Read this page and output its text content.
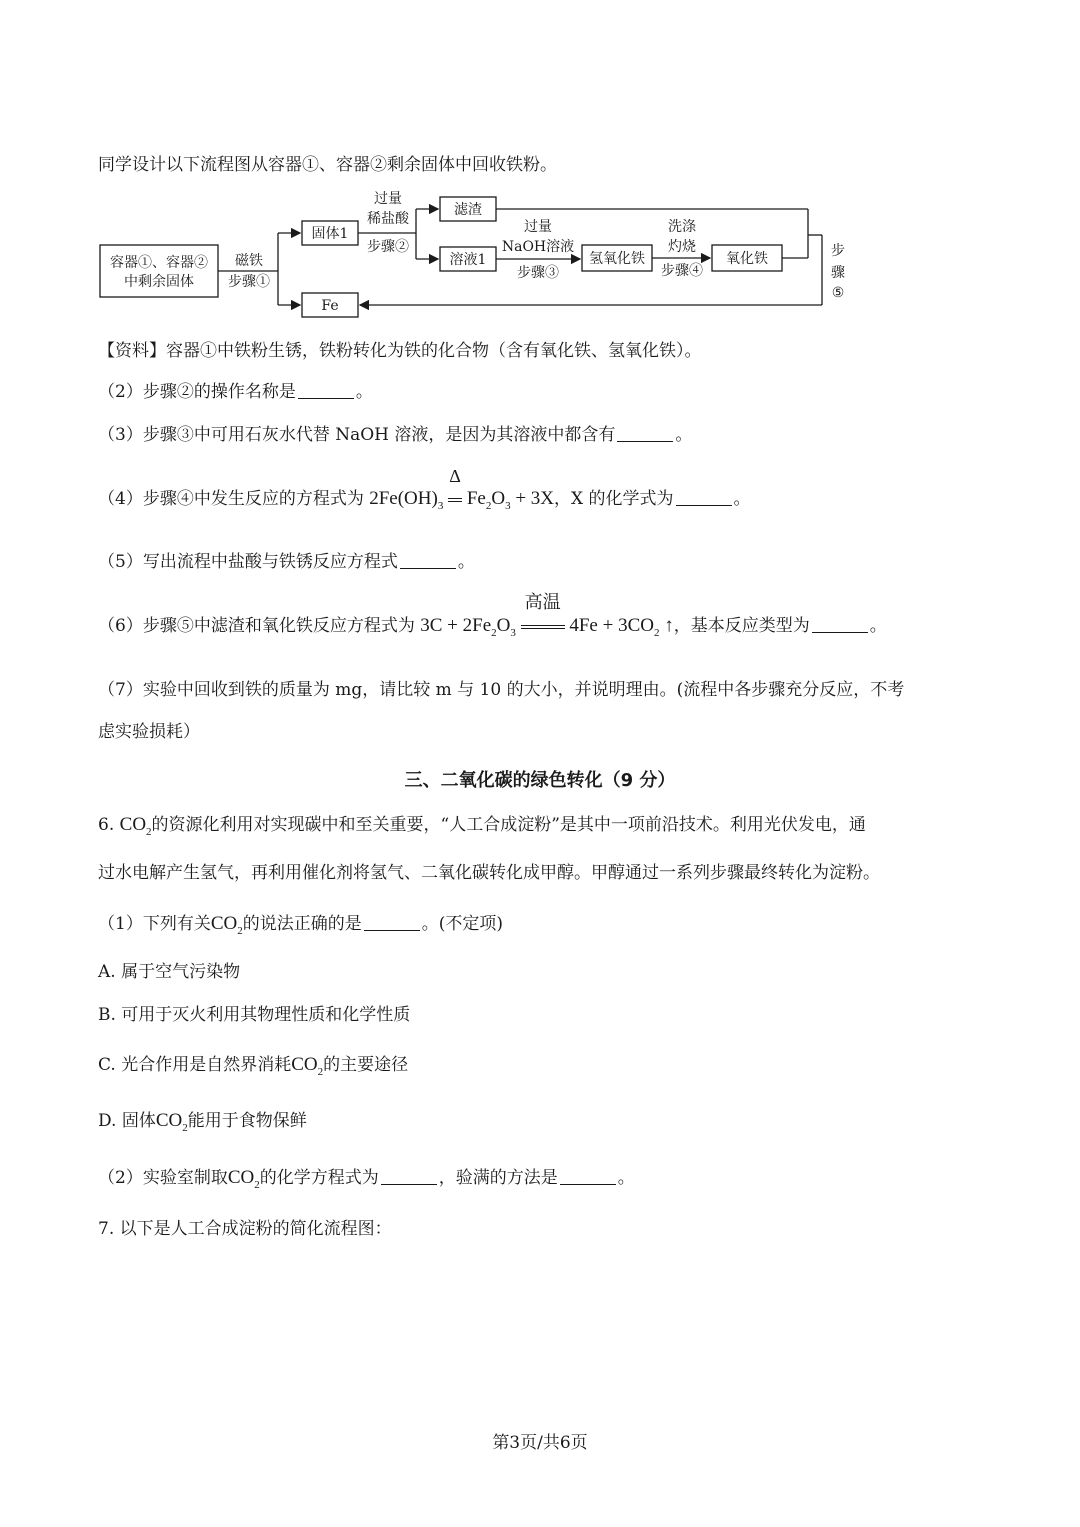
同学设计以下流程图从容器①、容器②剩余固体中回收铁粉。
容器①、容器②
中剩余固体
磁铁
步骤①
固体1
过量
稀盐酸
步骤②
滤渣
溶液1
过量
NaOH溶液
步骤③
氢氧化铁
洗涤
灼烧
步骤④
氧化铁	步
骤
⑤
Fe
【资料】容器①中铁粉生锈，铁粉转化为铁的化合物（含有氧化铁、氢氧化铁）。
（2）步骤②的操作名称是	。
（3）步骤③中可用石灰水代替 NaOH 溶液，是因为其溶液中都含有	。
（4）步骤④中发生反应的方程式为 $2Fe(OH)_3$
Δ
$Fe_2O_3 + 3X$，X 的化学式为	。
（5）写出流程中盐酸与铁锈反应方程式	。
（6）步骤⑤中滤渣和氧化铁反应方程式为 $3C + 2Fe_2O_3$
高温
$4Fe + 3CO_2$ ↑，基本反应类型为	。
（7）实验中回收到铁的质量为 mg，请比较 m 与 10 的大小，并说明理由。(流程中各步骤充分反应，不考
虑实验损耗）
三、二氧化碳的绿色转化（9 分）
6. $CO_2$的资源化利用对实现碳中和至关重要，“人工合成淀粉”是其中一项前沿技术。利用光伏发电，通
过水电解产生氢气，再利用催化剂将氢气、二氧化碳转化成甲醇。甲醇通过一系列步骤最终转化为淀粉。
（1）下列有关$CO_2$的说法正确的是	。(不定项)
A. 属于空气污染物
B. 可用于灭火利用其物理性质和化学性质
C. 光合作用是自然界消耗$CO_2$的主要途径
D. 固体$CO_2$能用于食物保鲜
（2）实验室制取$CO_2$的化学方程式为	，验满的方法是	。
7. 以下是人工合成淀粉的简化流程图：
第3页/共6页
